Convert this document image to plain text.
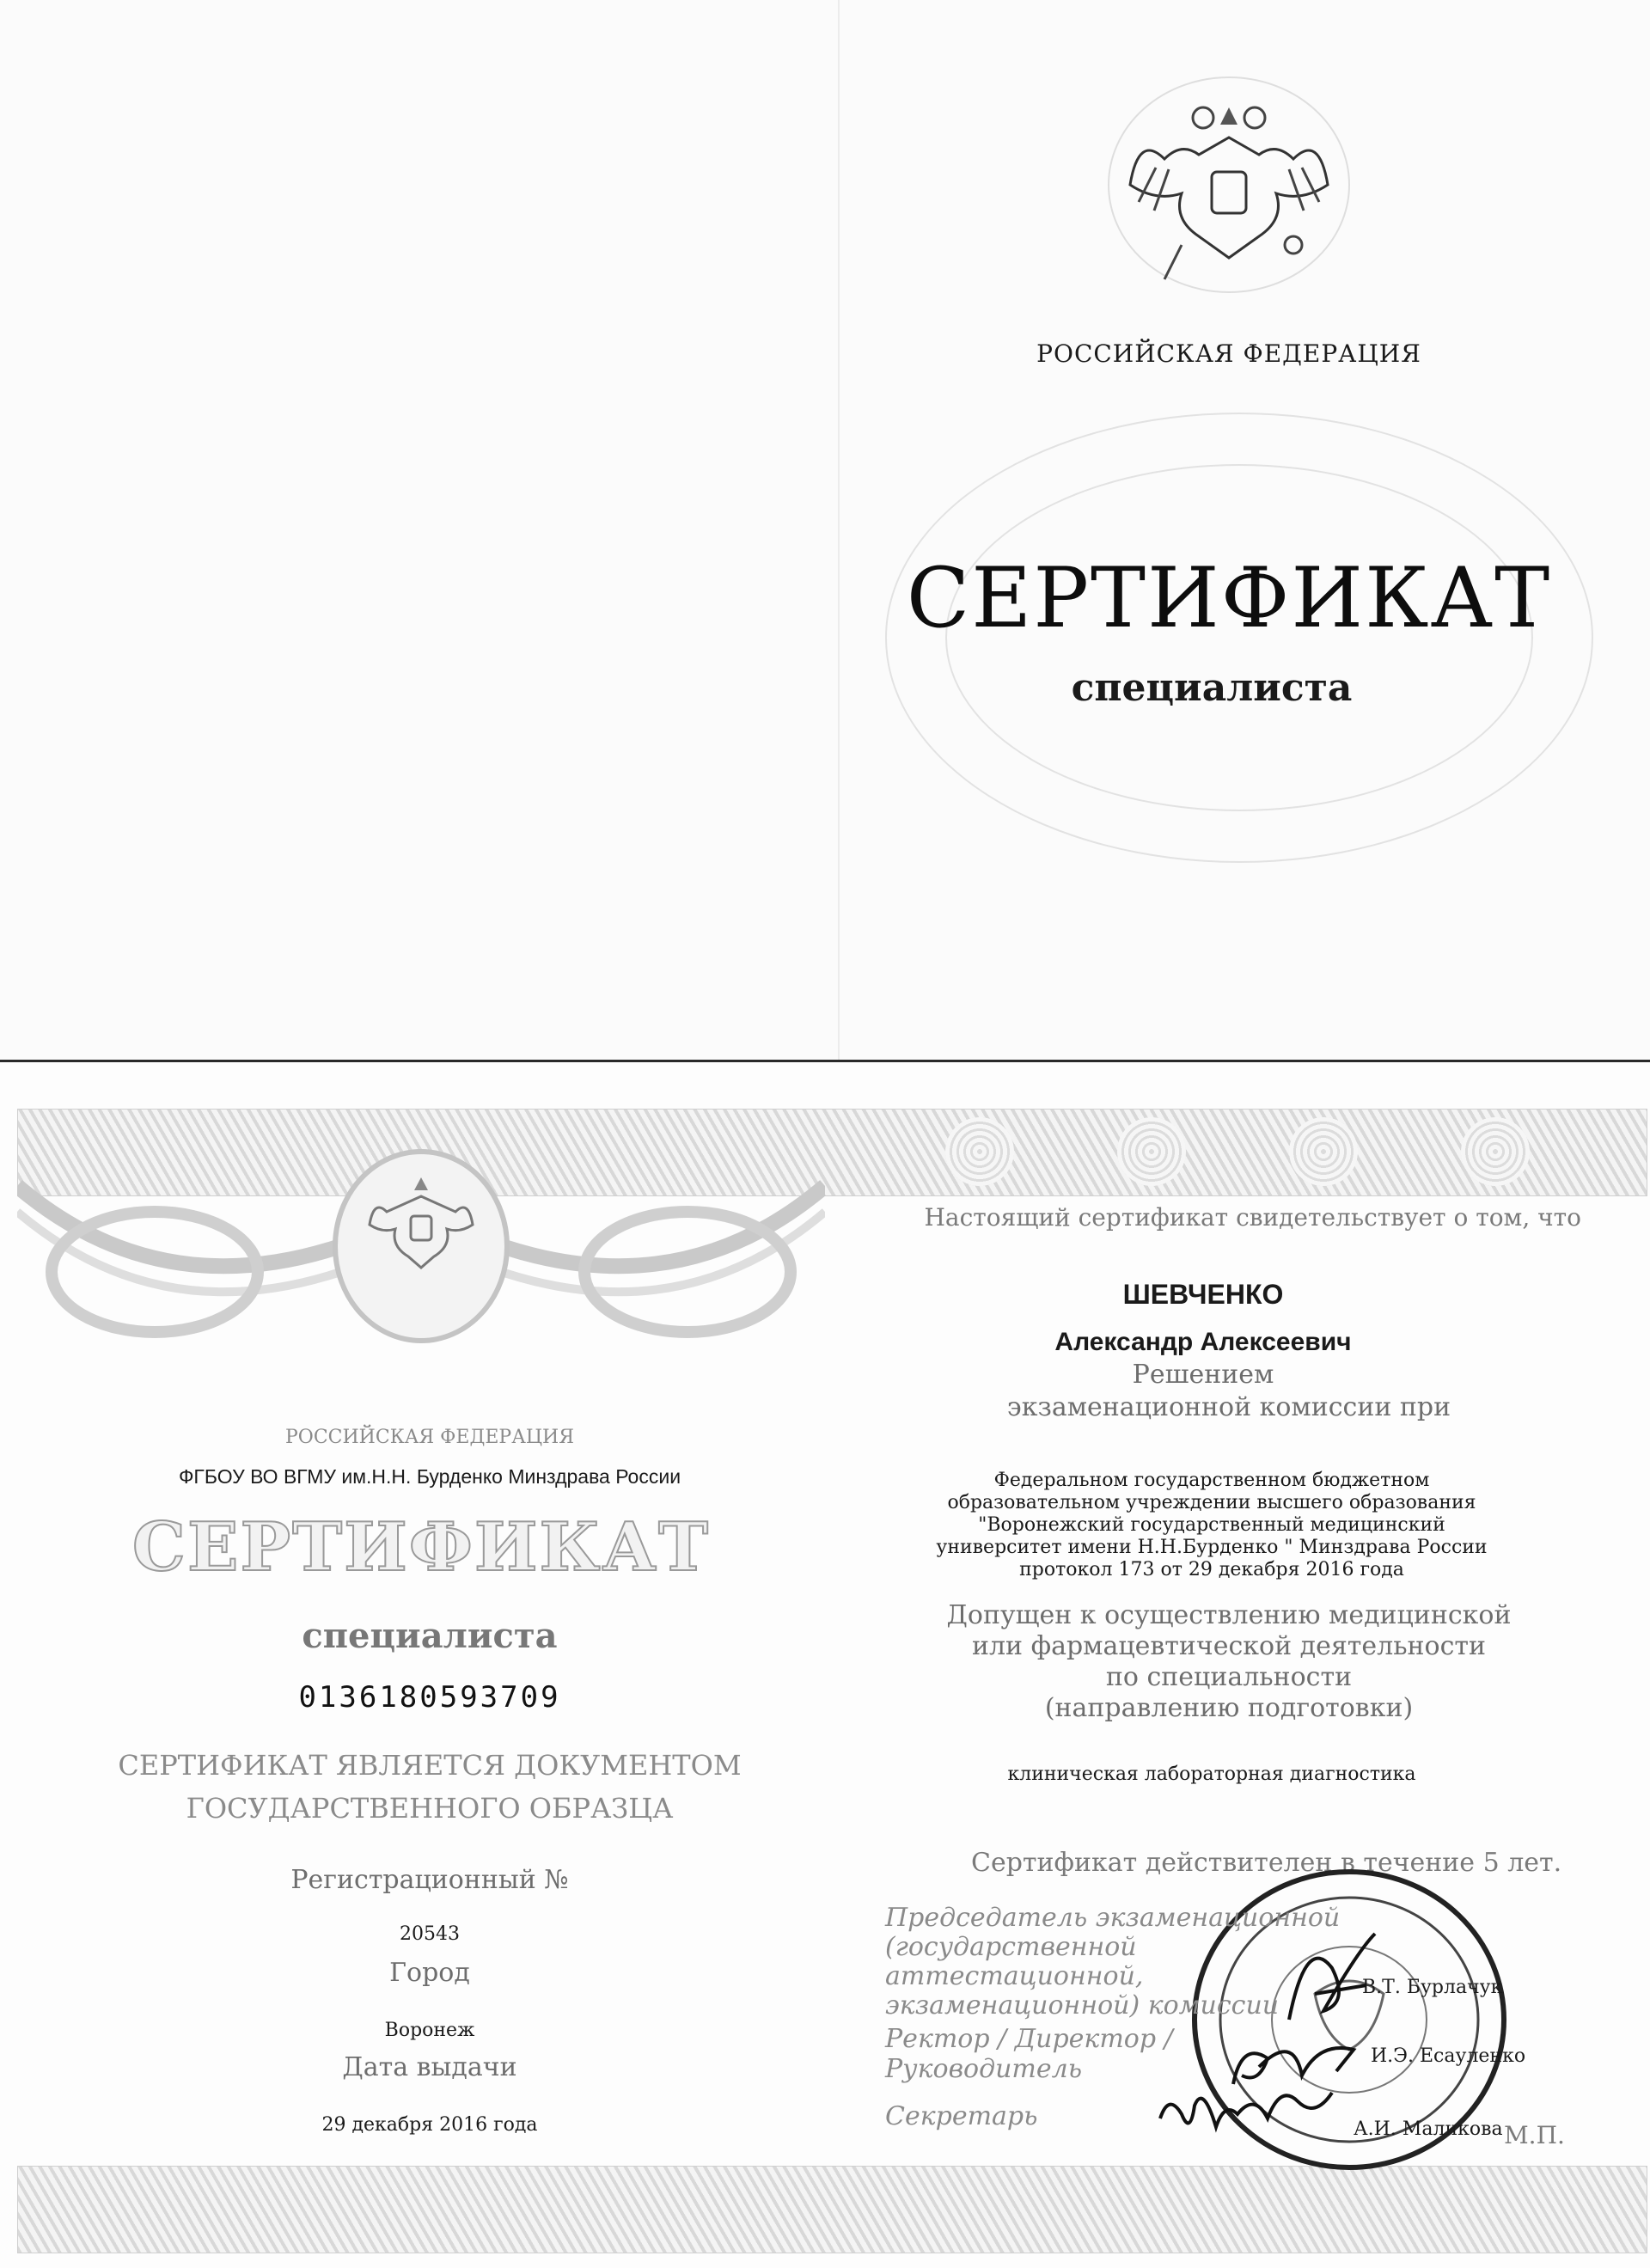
РОССИЙСКАЯ ФЕДЕРАЦИЯ
СЕРТИФИКАТ
специалиста
РОССИЙСКАЯ ФЕДЕРАЦИЯ
ФГБОУ ВО ВГМУ им.Н.Н. Бурденко Минздрава России
СЕРТИФИКАТ
специалиста
0136180593709
СЕРТИФИКАТ ЯВЛЯЕТСЯ ДОКУМЕНТОМ
ГОСУДАРСТВЕННОГО ОБРАЗЦА
Регистрационный №
20543
Город
Воронеж
Дата выдачи
29 декабря 2016 года
Настоящий сертификат свидетельствует о том, что
ШЕВЧЕНКО
Александр Алексеевич
Решением
экзаменационной комиссии при
Федеральном государственном бюджетном
образовательном учреждении высшего образования
"Воронежский государственный медицинский
университет имени Н.Н.Бурденко " Минздрава России
протокол 173 от 29 декабря 2016 года
Допущен к осуществлению медицинской
или фармацевтической деятельности
по специальности
(направлению подготовки)
клиническая лабораторная диагностика
Сертификат действителен в течение 5 лет.
Председатель экзаменационной
(государственной аттестационной,
экзаменационной) комиссии
В.Т. Бурлачук
Ректор / Директор / Руководитель	И.Э. Есауленко
Секретарь	А.И. Маликова М.П.
